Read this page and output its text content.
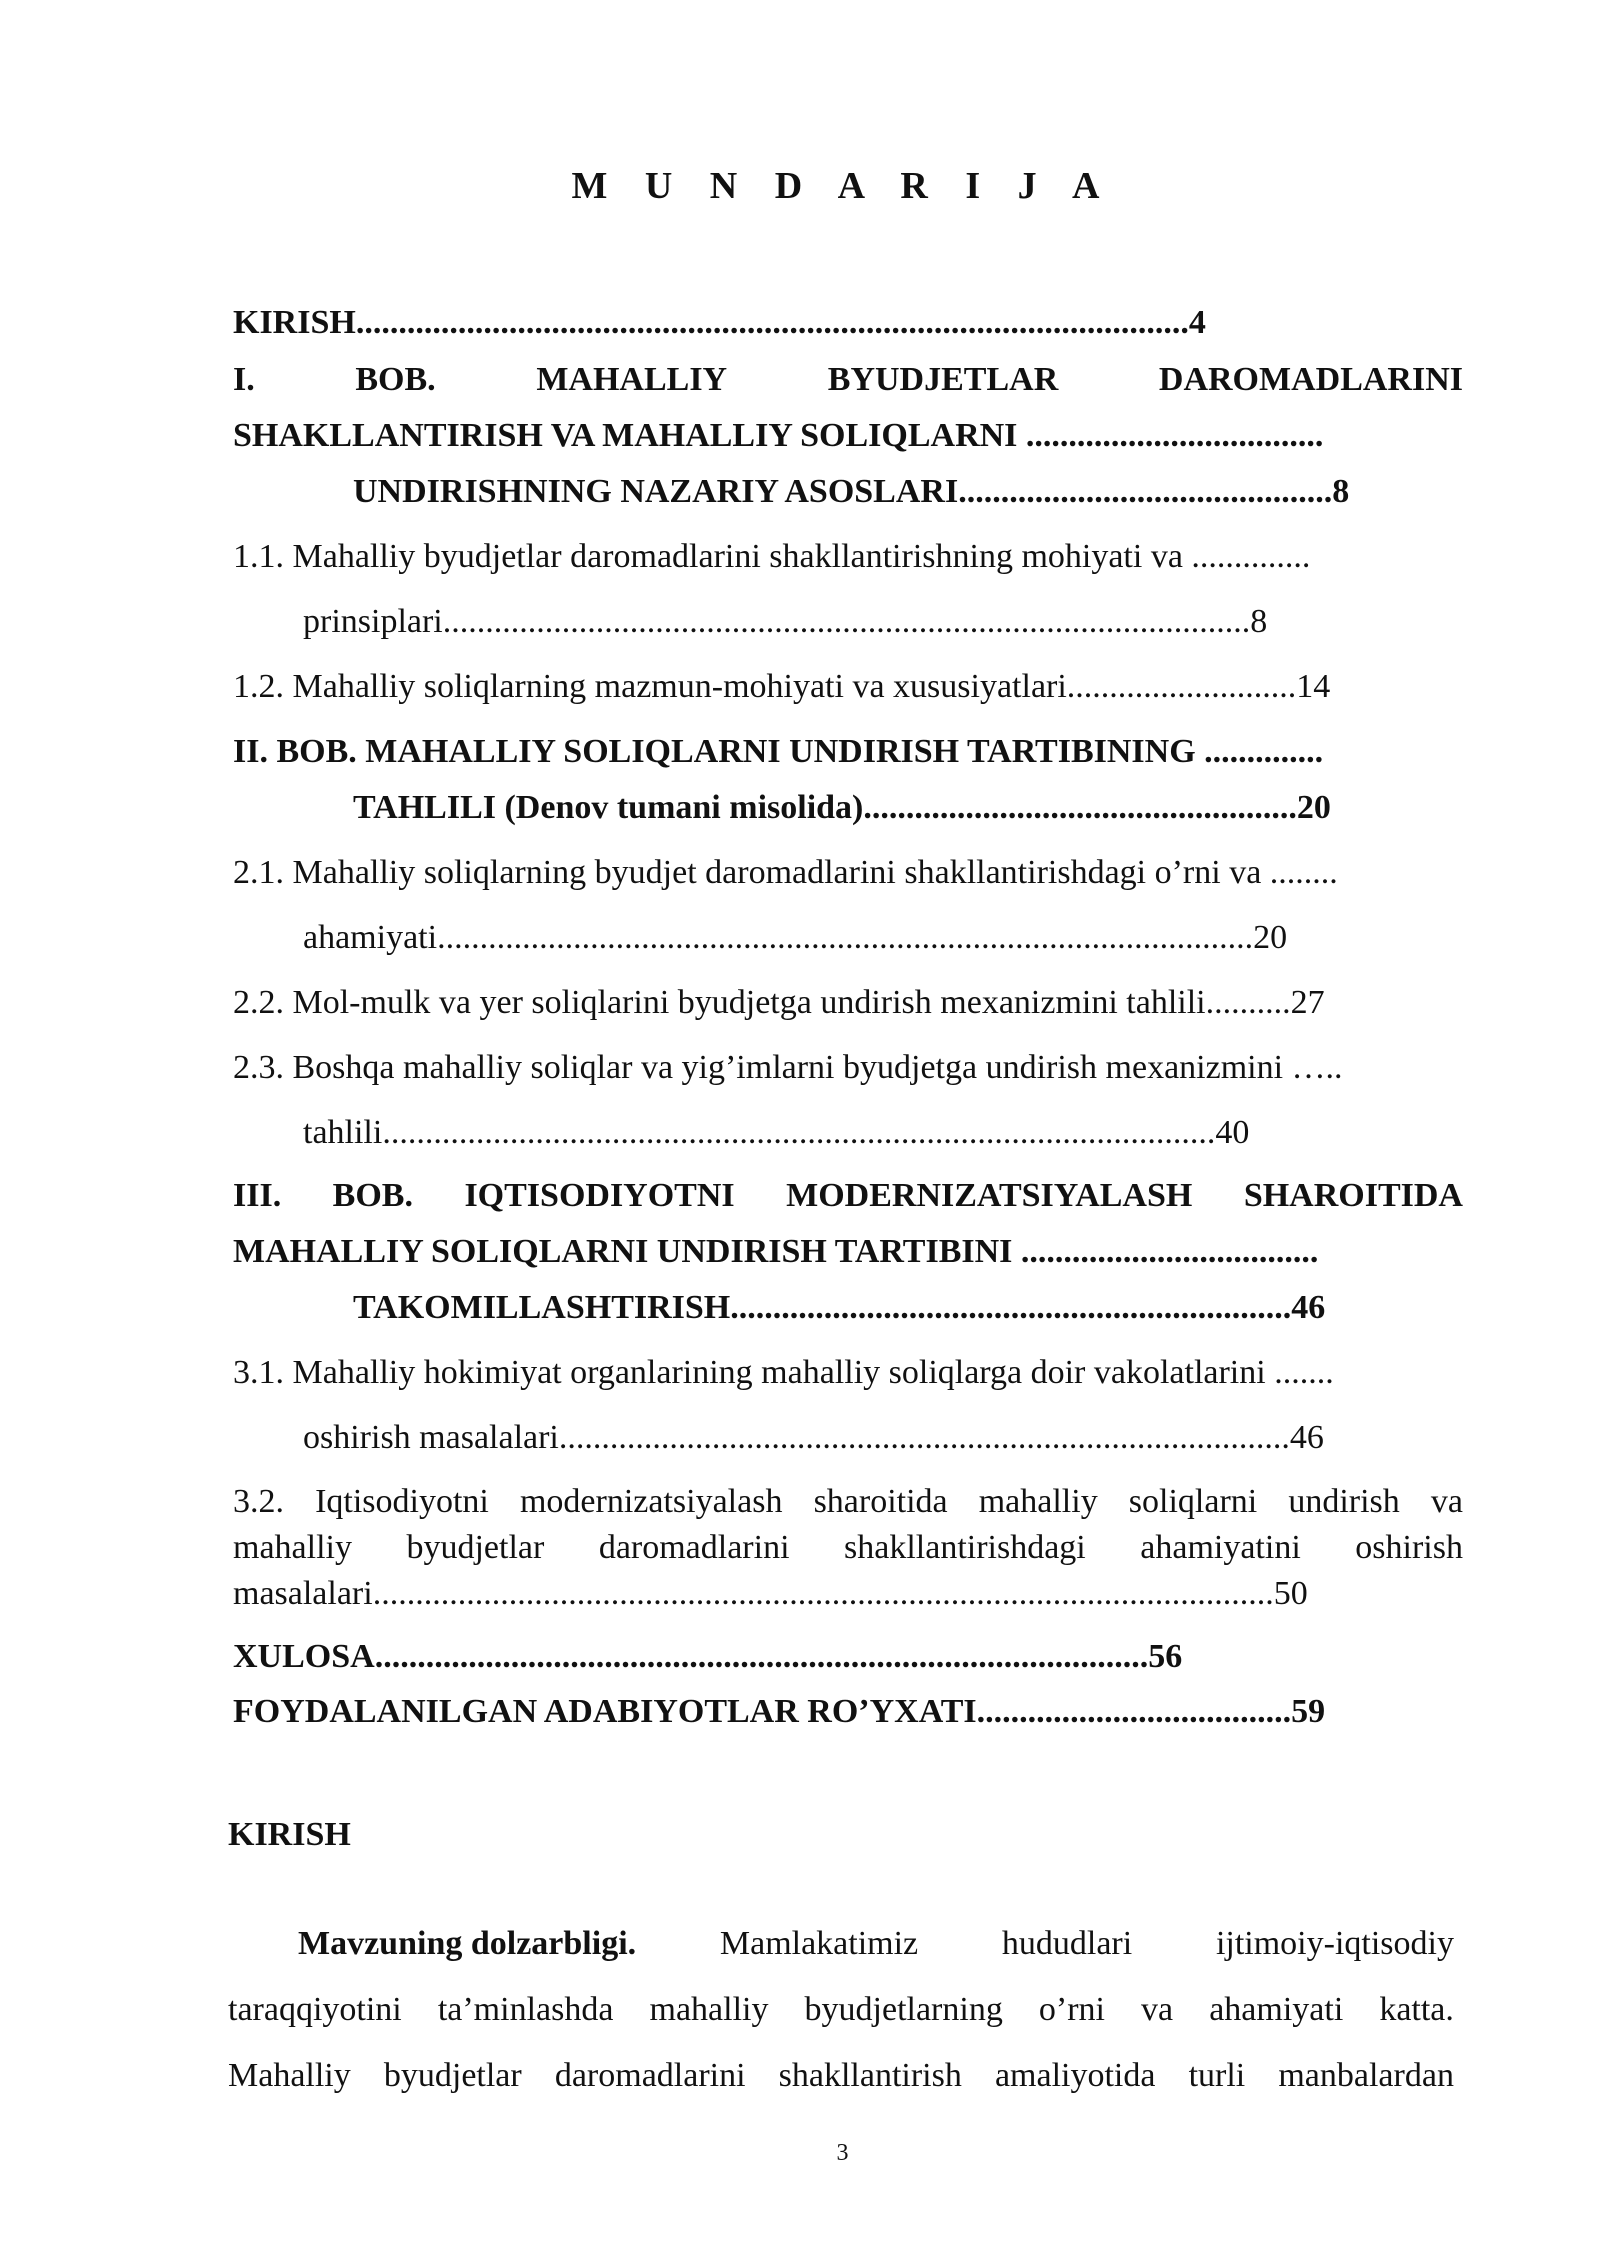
M U N D A R I J A
KIRISH..................................................................................................4
I.	BOB.	MAHALLIY	BYUDJETLAR	DAROMADLARINI
SHAKLLANTIRISH VA MAHALLIY SOLIQLARNI ...................................
UNDIRISHNING NAZARIY ASOSLARI............................................8
1.1. Mahalliy byudjetlar daromadlarini shakllantirishning mohiyati va ..............
prinsiplari...............................................................................................8
1.2. Mahalliy soliqlarning mazmun-mohiyati va xususiyatlari...........................14
II. BOB. MAHALLIY SOLIQLARNI UNDIRISH TARTIBINING ..............
TAHLILI (Denov tumani misolida)...................................................20
2.1. Mahalliy soliqlarning byudjet daromadlarini shakllantirishdagi o’rni va ........
ahamiyati................................................................................................20
2.2. Mol-mulk va yer soliqlarini byudjetga undirish mexanizmini tahlili..........27
2.3. Boshqa mahalliy soliqlar va yig’imlarni byudjetga undirish mexanizmini …..
tahlili..................................................................................................40
III. BOB. IQTISODIYOTNI MODERNIZATSIYALASH SHAROITIDA
MAHALLIY SOLIQLARNI UNDIRISH TARTIBINI ...................................
TAKOMILLASHTIRISH..................................................................46
3.1. Mahalliy hokimiyat organlarining mahalliy soliqlarga doir vakolatlarini .......
oshirish masalalari......................................................................................46
3.2. Iqtisodiyotni modernizatsiyalash sharoitida mahalliy soliqlarni undirish va
mahalliy byudjetlar daromadlarini shakllantirishdagi ahamiyatini oshirish
masalalari..........................................................................................................50
XULOSA...........................................................................................56
FOYDALANILGAN ADABIYOTLAR RO’YXATI.....................................59
KIRISH
Mavzuning dolzarbligi. Mamlakatimiz hududlari ijtimoiy-iqtisodiy
taraqqiyotini ta’minlashda mahalliy byudjetlarning o’rni va ahamiyati katta.
Mahalliy byudjetlar daromadlarini shakllantirish amaliyotida turli manbalardan
3
